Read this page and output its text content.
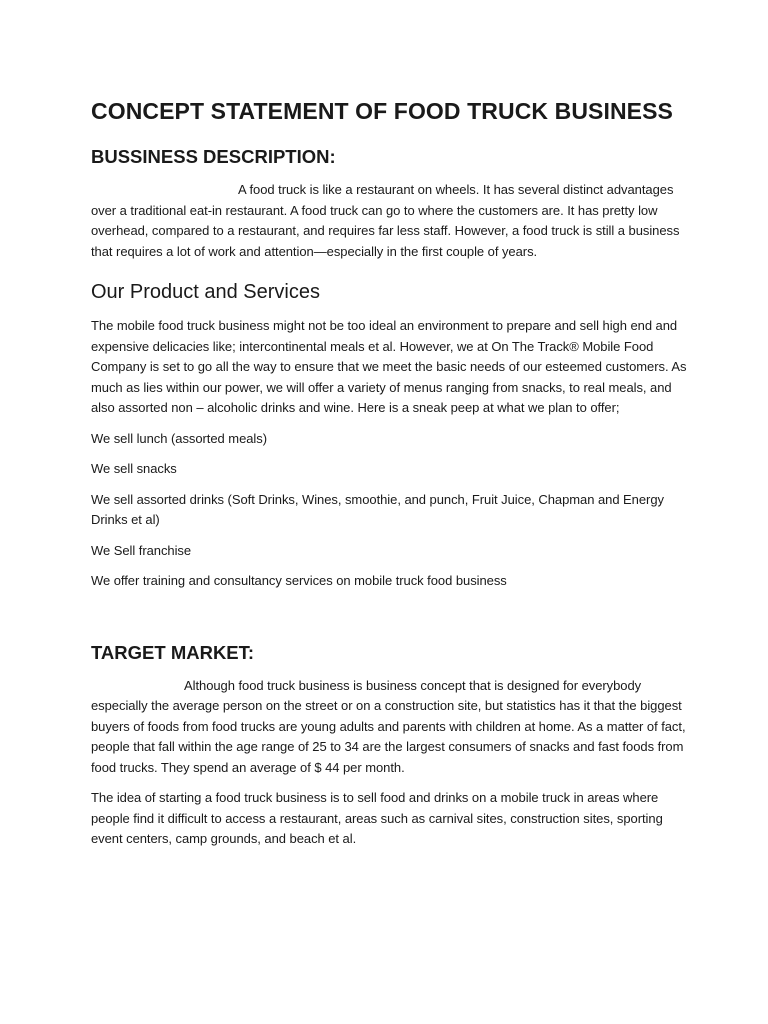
CONCEPT STATEMENT OF FOOD TRUCK BUSINESS
BUSSINESS DESCRIPTION:

A food truck is like a restaurant on wheels. It has several distinct advantages over a traditional eat-in restaurant. A food truck can go to where the customers are. It has pretty low overhead, compared to a restaurant, and requires far less staff. However, a food truck is still a business that requires a lot of work and attention—especially in the first couple of years.

Our Product and Services

The mobile food truck business might not be too ideal an environment to prepare and sell high end and expensive delicacies like; intercontinental meals et al. However, we at On The Track® Mobile Food Company is set to go all the way to ensure that we meet the basic needs of our esteemed customers. As much as lies within our power, we will offer a variety of menus ranging from snacks, to real meals, and also assorted non – alcoholic drinks and wine. Here is a sneak peep at what we plan to offer;

We sell lunch (assorted meals)

We sell snacks

We sell assorted drinks (Soft Drinks, Wines, smoothie, and punch, Fruit Juice, Chapman and Energy Drinks et al)

We Sell franchise

We offer training and consultancy services on mobile truck food business

TARGET MARKET:

Although food truck business is business concept that is designed for everybody especially the average person on the street or on a construction site, but statistics has it that the biggest buyers of foods from food trucks are young adults and parents with children at home. As a matter of fact, people that fall within the age range of 25 to 34 are the largest consumers of snacks and fast foods from food trucks. They spend an average of $ 44 per month.

The idea of starting a food truck business is to sell food and drinks on a mobile truck in areas where people find it difficult to access a restaurant, areas such as carnival sites, construction sites, sporting event centers, camp grounds, and beach et al.
